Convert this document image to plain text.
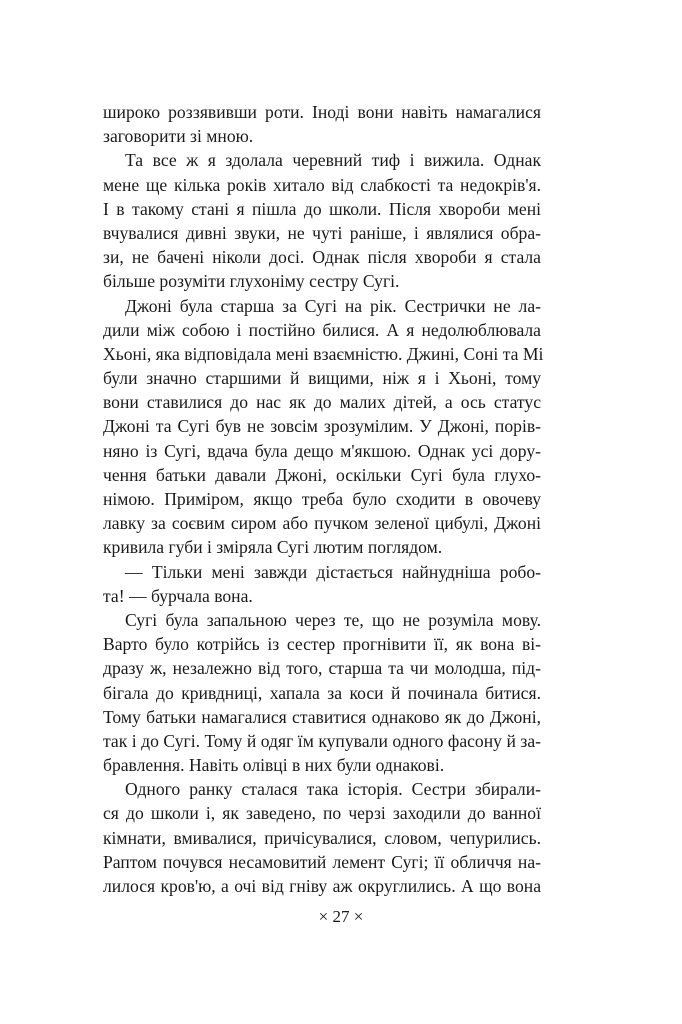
широко роззявивши роти. Іноді вони навіть намагалися
заговорити зі мною.
Та все ж я здолала черевний тиф і вижила. Однак
мене ще кілька років хитало від слабкості та недокрів'я.
І в такому стані я пішла до школи. Після хвороби мені
вчувалися дивні звуки, не чуті раніше, і являлися обра-
зи, не бачені ніколи досі. Однак після хвороби я стала
більше розуміти глухоніму сестру Сугі.
Джоні була старша за Сугі на рік. Сестрички не ла-
дили між собою і постійно билися. А я недолюблювала
Хьоні, яка відповідала мені взаємністю. Джині, Соні та Мі
були значно старшими й вищими, ніж я і Хьоні, тому
вони ставилися до нас як до малих дітей, а ось статус
Джоні та Сугі був не зовсім зрозумілим. У Джоні, порів-
няно із Сугі, вдача була дещо м'якшою. Однак усі дору-
чення батьки давали Джоні, оскільки Сугі була глухо-
німою. Приміром, якщо треба було сходити в овочеву
лавку за соєвим сиром або пучком зеленої цибулі, Джоні
кривила губи і зміряла Сугі лютим поглядом.
— Тільки мені завжди дістається найнудніша робо-
та! — бурчала вона.
Сугі була запальною через те, що не розуміла мову.
Варто було котрійсь із сестер прогнівити її, як вона ві-
дразу ж, незалежно від того, старша та чи молодша, під-
бігала до кривдниці, хапала за коси й починала битися.
Тому батьки намагалися ставитися однаково як до Джоні,
так і до Сугі. Тому й одяг їм купували одного фасону й за-
бравлення. Навіть олівці в них були однакові.
Одного ранку сталася така історія. Сестри збирали-
ся до школи і, як заведено, по черзі заходили до ванної
кімнати, вмивалися, причісувалися, словом, чепурились.
Раптом почувся несамовитий лемент Сугі; її обличчя на-
лилося кров'ю, а очі від гніву аж округлились. А що вона
× 27 ×
